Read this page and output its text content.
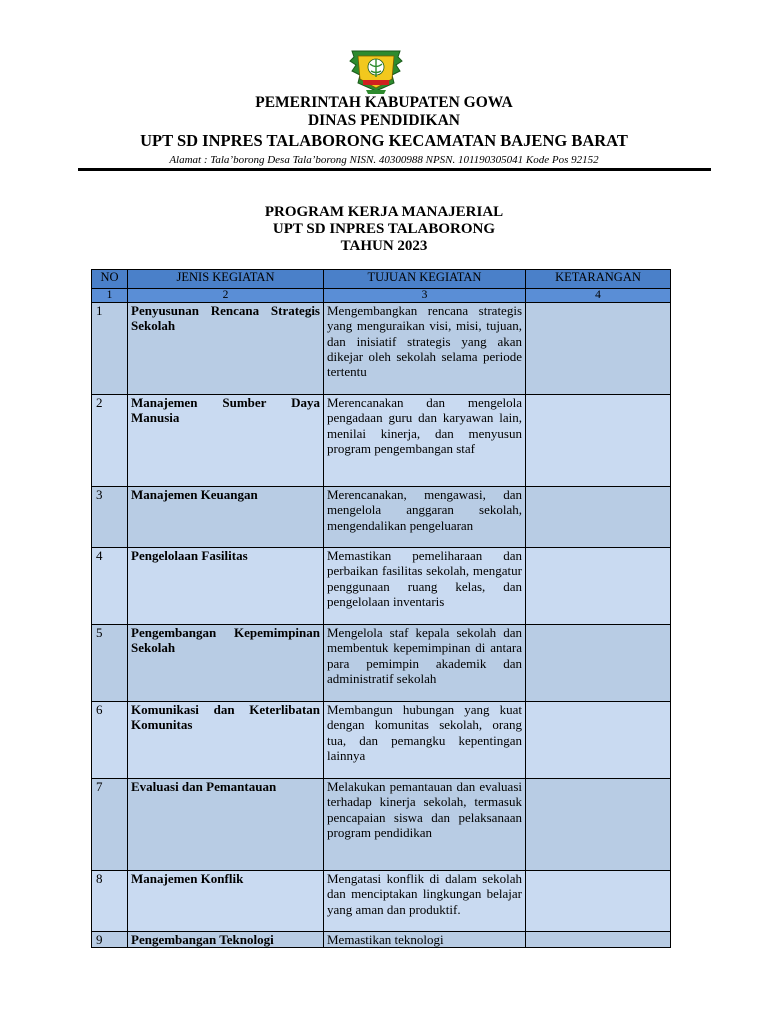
PEMERINTAH KABUPATEN GOWA
DINAS PENDIDIKAN
UPT SD INPRES TALABORONG KECAMATAN BAJENG BARAT
Alamat : Tala’borong Desa Tala’borong NISN. 40300988 NPSN. 101190305041 Kode Pos 92152
PROGRAM KERJA MANAJERIAL
UPT SD INPRES TALABORONG
TAHUN 2023
NO	JENIS KEGIATAN	TUJUAN KEGIATAN	KETARANGAN
1	2	3	4
1	Penyusunan Rencana Strategis Sekolah	Mengembangkan rencana strategis yang menguraikan visi, misi, tujuan, dan inisiatif strategis yang akan dikejar oleh sekolah selama periode tertentu	
2	Manajemen Sumber Daya Manusia	Merencanakan dan mengelola pengadaan guru dan karyawan lain, menilai kinerja, dan menyusun program pengembangan staf	
3	Manajemen Keuangan	Merencanakan, mengawasi, dan mengelola anggaran sekolah, mengendalikan pengeluaran	
4	Pengelolaan Fasilitas	Memastikan pemeliharaan dan perbaikan fasilitas sekolah, mengatur penggunaan ruang kelas, dan pengelolaan inventaris	
5	Pengembangan Kepemimpinan Sekolah	Mengelola staf kepala sekolah dan membentuk kepemimpinan di antara para pemimpin akademik dan administratif sekolah	
6	Komunikasi dan Keterlibatan Komunitas	Membangun hubungan yang kuat dengan komunitas sekolah, orang tua, dan pemangku kepentingan lainnya	
7	Evaluasi dan Pemantauan	Melakukan pemantauan dan evaluasi terhadap kinerja sekolah, termasuk pencapaian siswa dan pelaksanaan program pendidikan	
8	Manajemen Konflik	Mengatasi konflik di dalam sekolah dan menciptakan lingkungan belajar yang aman dan produktif.	
9	Pengembangan Teknologi	Memastikan teknologi	
